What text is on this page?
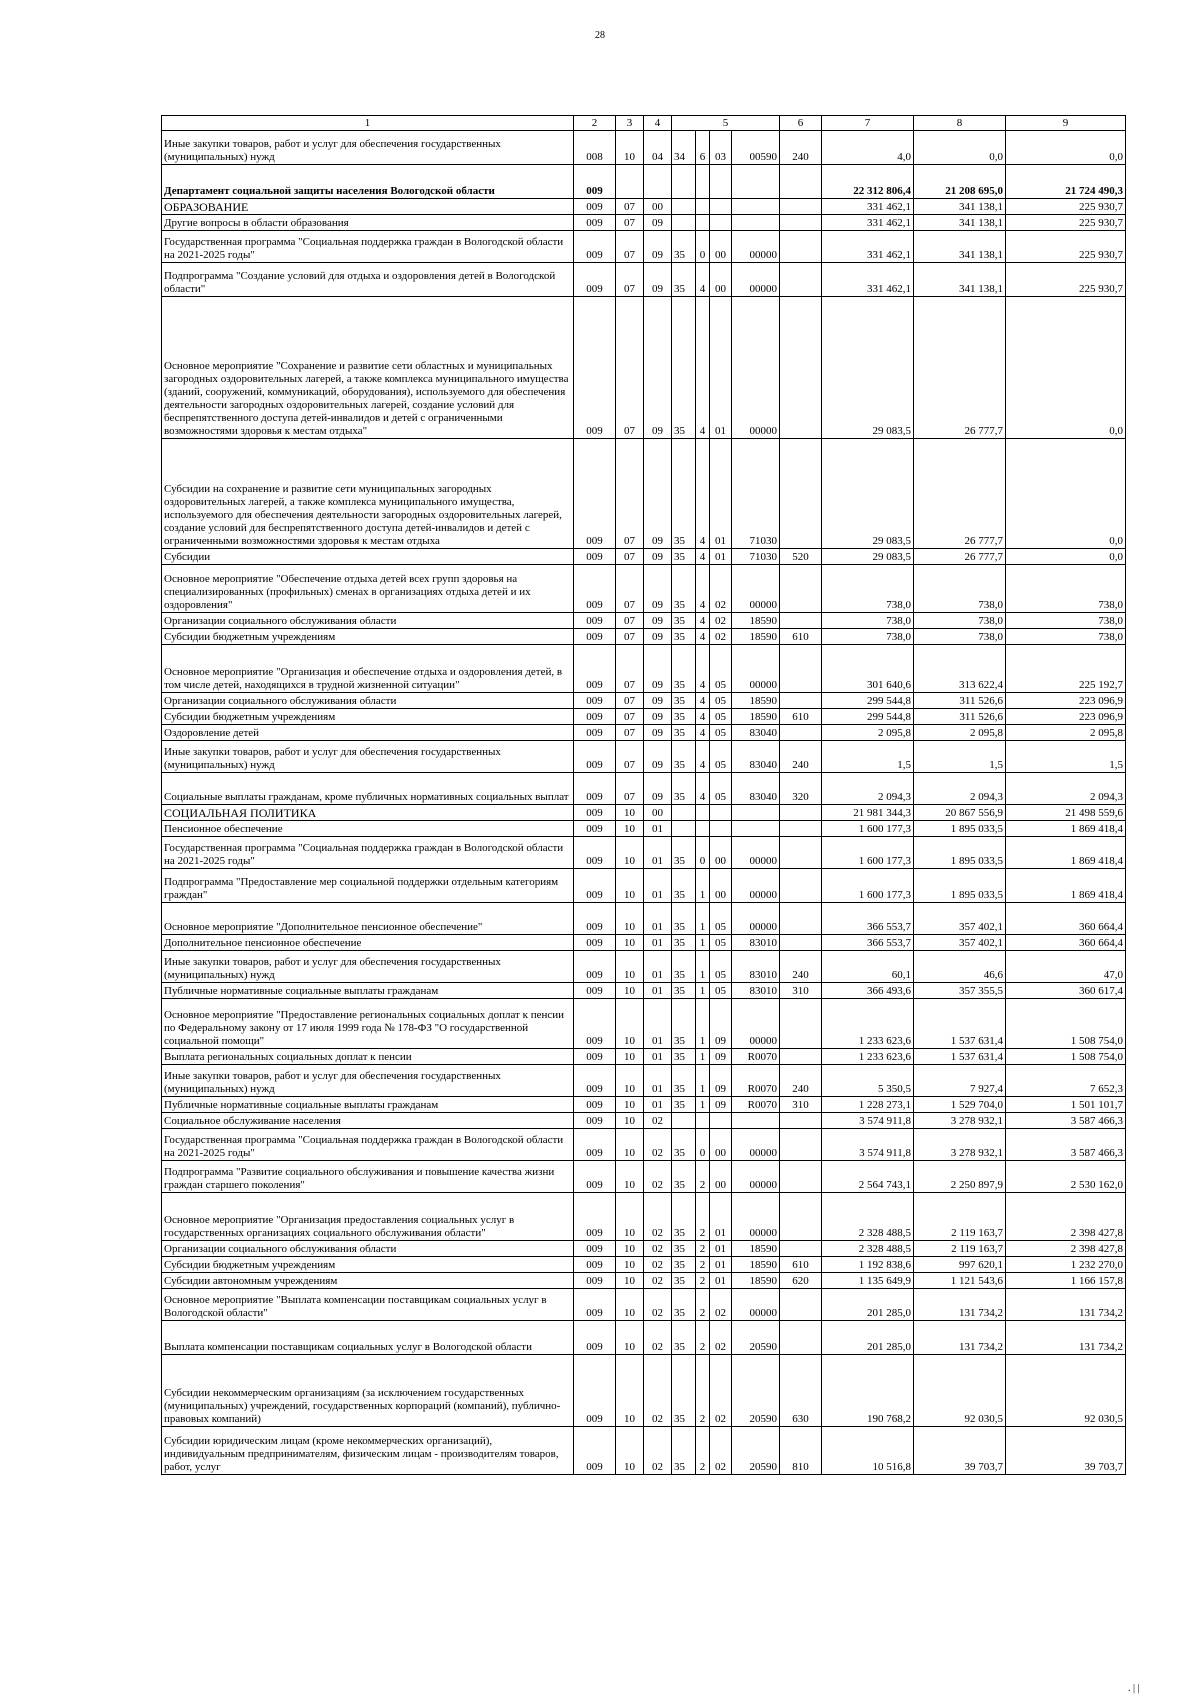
28
1	2	3	4	5				6	7	8	9
Иные закупки товаров, работ и услуг для обеспечения государственных (муниципальных) нужд	008	10	04	34	6	03	00590	240	4,0	0,0	0,0
Департамент социальной защиты населения Вологодской области	009								22 312 806,4	21 208 695,0	21 724 490,3
ОБРАЗОВАНИЕ	009	07	00						331 462,1	341 138,1	225 930,7
Другие вопросы в области образования	009	07	09						331 462,1	341 138,1	225 930,7
Государственная программа "Социальная поддержка граждан в Вологодской области на 2021-2025 годы"	009	07	09	35	0	00	00000		331 462,1	341 138,1	225 930,7
Подпрограмма "Создание условий для отдыха и оздоровления детей в Вологодской области"	009	07	09	35	4	00	00000		331 462,1	341 138,1	225 930,7
Основное мероприятие "Сохранение и развитие сети областных и муниципальных загородных оздоровительных лагерей, а также комплекса муниципального имущества (зданий, сооружений, коммуникаций, оборудования), используемого для обеспечения деятельности загородных оздоровительных лагерей, создание условий для беспрепятственного доступа детей-инвалидов и детей с ограниченными возможностями здоровья к местам отдыха"	009	07	09	35	4	01	00000		29 083,5	26 777,7	0,0
Субсидии на сохранение и развитие сети муниципальных загородных оздоровительных лагерей, а также комплекса муниципального имущества, используемого для обеспечения деятельности загородных оздоровительных лагерей, создание условий для беспрепятственного доступа детей-инвалидов и детей с ограниченными возможностями здоровья к местам отдыха	009	07	09	35	4	01	71030		29 083,5	26 777,7	0,0
Субсидии	009	07	09	35	4	01	71030	520	29 083,5	26 777,7	0,0
Основное мероприятие "Обеспечение отдыха детей всех групп здоровья на специализированных (профильных) сменах в организациях отдыха детей и их оздоровления"	009	07	09	35	4	02	00000		738,0	738,0	738,0
Организации социального обслуживания области	009	07	09	35	4	02	18590		738,0	738,0	738,0
Субсидии бюджетным учреждениям	009	07	09	35	4	02	18590	610	738,0	738,0	738,0
Основное мероприятие "Организация и обеспечение отдыха и оздоровления детей, в том числе детей, находящихся в трудной жизненной ситуации"	009	07	09	35	4	05	00000		301 640,6	313 622,4	225 192,7
Организации социального обслуживания области	009	07	09	35	4	05	18590		299 544,8	311 526,6	223 096,9
Субсидии бюджетным учреждениям	009	07	09	35	4	05	18590	610	299 544,8	311 526,6	223 096,9
Оздоровление детей	009	07	09	35	4	05	83040		2 095,8	2 095,8	2 095,8
Иные закупки товаров, работ и услуг для обеспечения государственных (муниципальных) нужд	009	07	09	35	4	05	83040	240	1,5	1,5	1,5
Социальные выплаты гражданам, кроме публичных нормативных социальных выплат	009	07	09	35	4	05	83040	320	2 094,3	2 094,3	2 094,3
СОЦИАЛЬНАЯ ПОЛИТИКА	009	10	00						21 981 344,3	20 867 556,9	21 498 559,6
Пенсионное обеспечение	009	10	01						1 600 177,3	1 895 033,5	1 869 418,4
Государственная программа "Социальная поддержка граждан в Вологодской области на 2021-2025 годы"	009	10	01	35	0	00	00000		1 600 177,3	1 895 033,5	1 869 418,4
Подпрограмма "Предоставление мер социальной поддержки отдельным категориям граждан"	009	10	01	35	1	00	00000		1 600 177,3	1 895 033,5	1 869 418,4
Основное мероприятие "Дополнительное пенсионное обеспечение"	009	10	01	35	1	05	00000		366 553,7	357 402,1	360 664,4
Дополнительное пенсионное обеспечение	009	10	01	35	1	05	83010		366 553,7	357 402,1	360 664,4
Иные закупки товаров, работ и услуг для обеспечения государственных (муниципальных) нужд	009	10	01	35	1	05	83010	240	60,1	46,6	47,0
Публичные нормативные социальные выплаты гражданам	009	10	01	35	1	05	83010	310	366 493,6	357 355,5	360 617,4
Основное мероприятие "Предоставление региональных социальных доплат к пенсии по Федеральному закону от 17 июля 1999 года № 178-ФЗ "О государственной социальной помощи"	009	10	01	35	1	09	00000		1 233 623,6	1 537 631,4	1 508 754,0
Выплата региональных социальных доплат к пенсии	009	10	01	35	1	09	R0070		1 233 623,6	1 537 631,4	1 508 754,0
Иные закупки товаров, работ и услуг для обеспечения государственных (муниципальных) нужд	009	10	01	35	1	09	R0070	240	5 350,5	7 927,4	7 652,3
Публичные нормативные социальные выплаты гражданам	009	10	01	35	1	09	R0070	310	1 228 273,1	1 529 704,0	1 501 101,7
Социальное обслуживание населения	009	10	02						3 574 911,8	3 278 932,1	3 587 466,3
Государственная программа "Социальная поддержка граждан в Вологодской области на 2021-2025 годы"	009	10	02	35	0	00	00000		3 574 911,8	3 278 932,1	3 587 466,3
Подпрограмма "Развитие социального обслуживания и повышение качества жизни граждан старшего поколения"	009	10	02	35	2	00	00000		2 564 743,1	2 250 897,9	2 530 162,0
Основное мероприятие "Организация предоставления социальных услуг в государственных организациях социального обслуживания области"	009	10	02	35	2	01	00000		2 328 488,5	2 119 163,7	2 398 427,8
Организации социального обслуживания области	009	10	02	35	2	01	18590		2 328 488,5	2 119 163,7	2 398 427,8
Субсидии бюджетным учреждениям	009	10	02	35	2	01	18590	610	1 192 838,6	997 620,1	1 232 270,0
Субсидии автономным учреждениям	009	10	02	35	2	01	18590	620	1 135 649,9	1 121 543,6	1 166 157,8
Основное мероприятие "Выплата компенсации поставщикам социальных услуг в Вологодской области"	009	10	02	35	2	02	00000		201 285,0	131 734,2	131 734,2
Выплата компенсации поставщикам социальных услуг в Вологодской области	009	10	02	35	2	02	20590		201 285,0	131 734,2	131 734,2
Субсидии некоммерческим организациям (за исключением государственных (муниципальных) учреждений, государственных корпораций (компаний), публично-правовых компаний)	009	10	02	35	2	02	20590	630	190 768,2	92 030,5	92 030,5
Субсидии юридическим лицам (кроме некоммерческих организаций), индивидуальным предпринимателям, физическим лицам - производителям товаров, работ, услуг	009	10	02	35	2	02	20590	810	10 516,8	39 703,7	39 703,7
. | |
